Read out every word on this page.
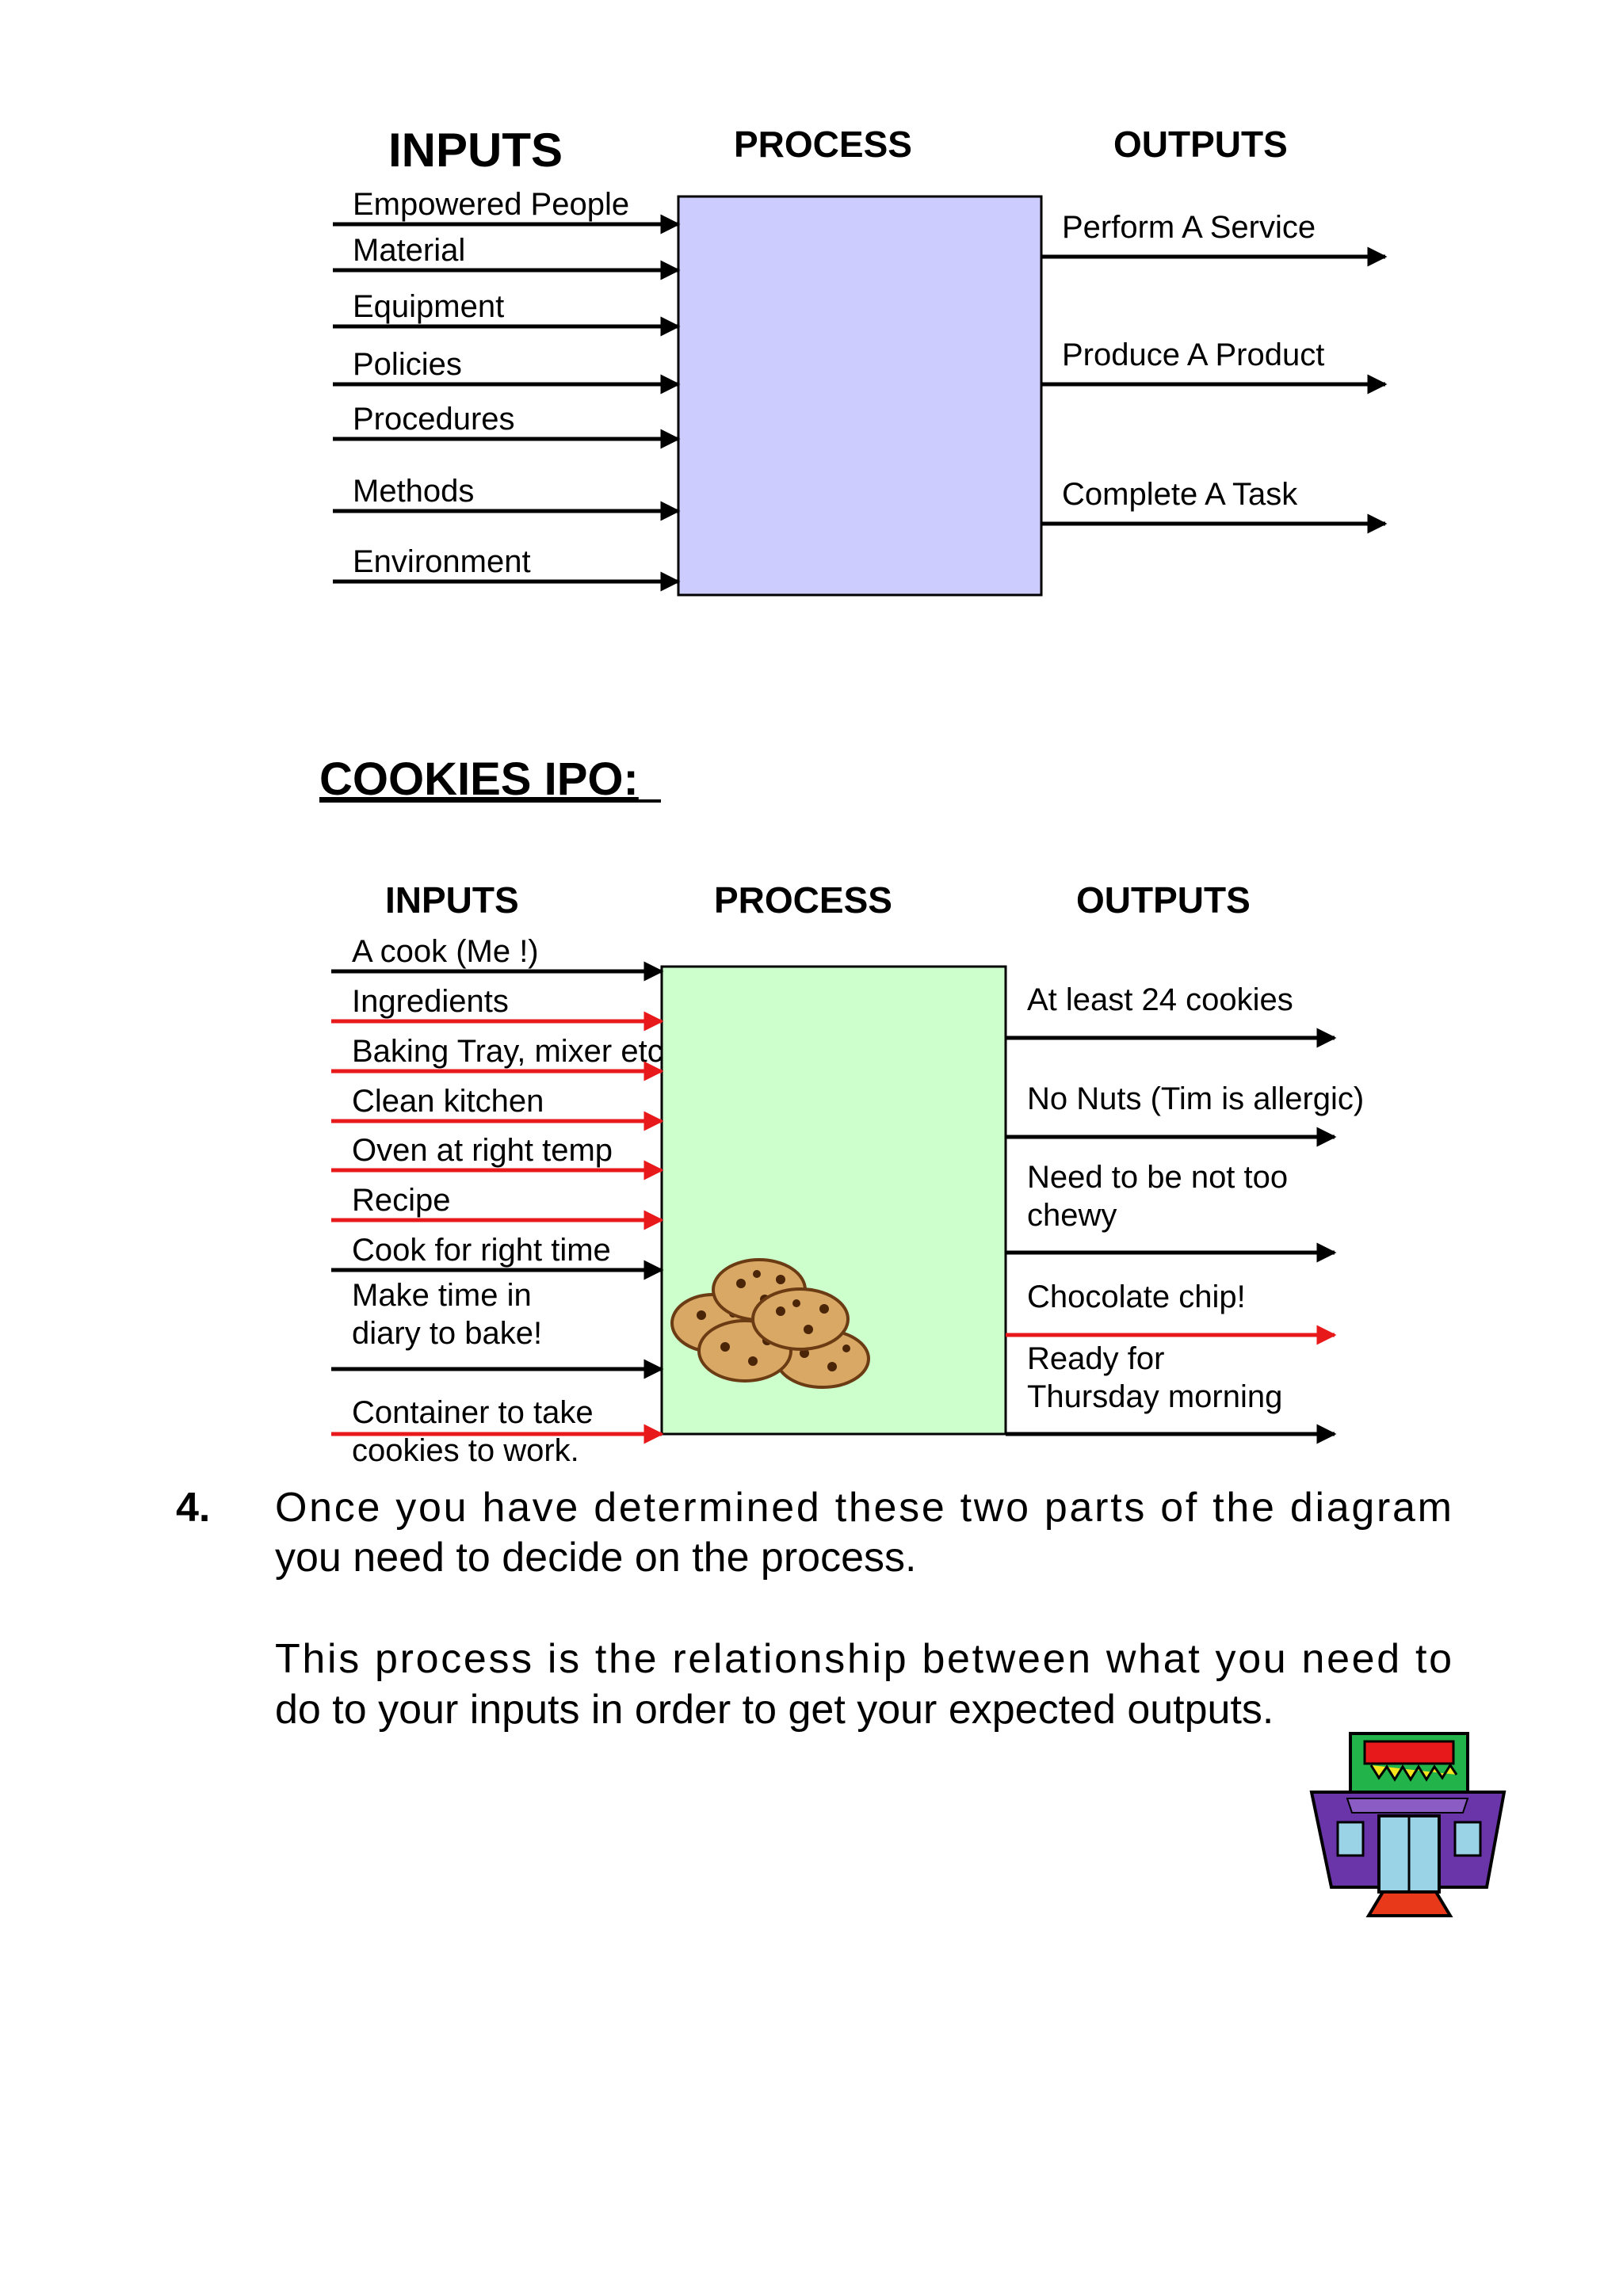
INPUTS	PROCESS	OUTPUTS
Empowered People
Material
Equipment
Policies
Procedures
Methods
Environment
Perform A Service
Produce A Product
Complete A Task
COOKIES IPO:
INPUTS	PROCESS	OUTPUTS
A cook (Me !)
Ingredients
Baking Tray, mixer etc
Clean kitchen
Oven at right temp
Recipe
Cook for right time
Make time in
diary to bake!
Container to take
cookies to work.
At least 24 cookies
No Nuts (Tim is allergic)
Need to be not too
chewy
Chocolate chip!
Ready for
Thursday morning
4. Once you have determined these two parts of the diagram
you need to decide on the process.
This process is the relationship between what you need to
do to your inputs in order to get your expected outputs.
